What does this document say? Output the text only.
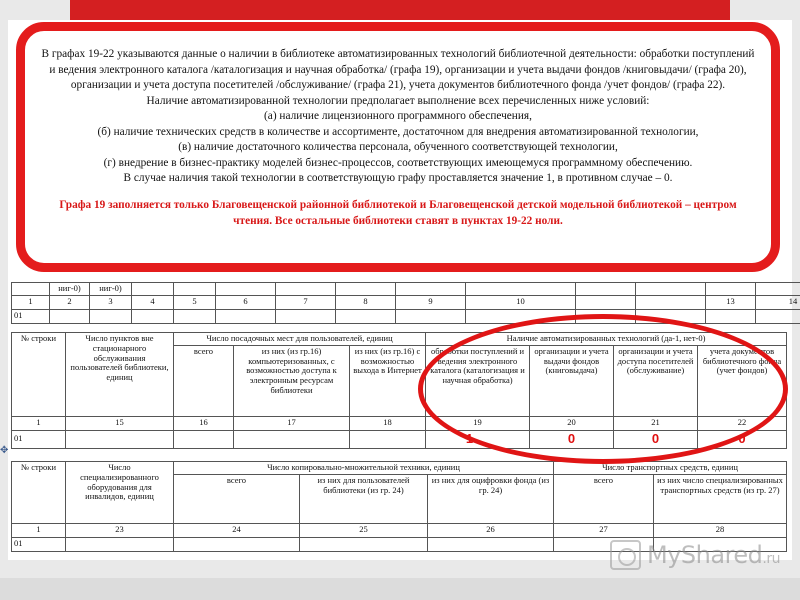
	ниг-0)	ниг-0)											
1	2	3	4	5	6	7	8	9	10			13	14
01													
№ строки	Число пунктов вне стационарного обслуживания пользователей библиотеки, единиц	Число посадочных мест для пользователей, единиц			Наличие автоматизированных технологий (да-1, нет-0)			
		всего	из них (из гр.16) компьютеризованных, с возможностью доступа к электронным ресурсам библиотеки	из них (из гр.16) с возможностью выхода в Интернет	обработки поступлений и ведения электронного каталога (каталогизация и научная обработка)	организации и учета выдачи фондов (книговыдача)	организации и учета доступа посетителей (обслуживание)	учета документов библиотечного фонда (учет фондов)
1	15	16	17	18	19	20	21	22
01					1	0	0	0
№ строки	Число специализированного оборудования для инвалидов, единиц	Число копировально-множительной техники, единиц			Число транспортных средств, единиц	
		всего	из них для пользователей библиотеки (из гр. 24)	из них для оцифровки фонда (из гр. 24)	всего	из них число специализированных транспортных средств (из гр. 27)
1	23	24	25	26	27	28
01						
✥

В графах 19-22 указываются данные о наличии в библиотеке автоматизированных технологий библиотечной деятельности: обработки поступлений и ведения электронного каталога /каталогизация и научная обработка/ (графа 19), организации и учета выдачи фондов /книговыдачи/ (графа 20), организации и учета доступа посетителей /обслуживание/ (графа 21), учета документов библиотечного фонда /учет фондов/ (графа 22).

Наличие автоматизированной технологии предполагает выполнение всех перечисленных ниже условий:

(а) наличие лицензионного программного обеспечения,

(б) наличие технических средств в количестве и ассортименте, достаточном для внедрения автоматизированной технологии,

(в) наличие достаточного количества персонала, обученного соответствующей технологии,

(г) внедрение в бизнес-практику моделей бизнес-процессов, соответствующих имеющемуся программному обеспечению.

В случае наличия такой технологии в соответствующую графу проставляется значение 1, в противном случае – 0.

Графа 19 заполняется только Благовещенской районной библиотекой и Благовещенской детской модельной библиотекой – центром чтения. Все остальные библиотеки ставят в пунктах 19-22 ноли.

MyShared.ru
